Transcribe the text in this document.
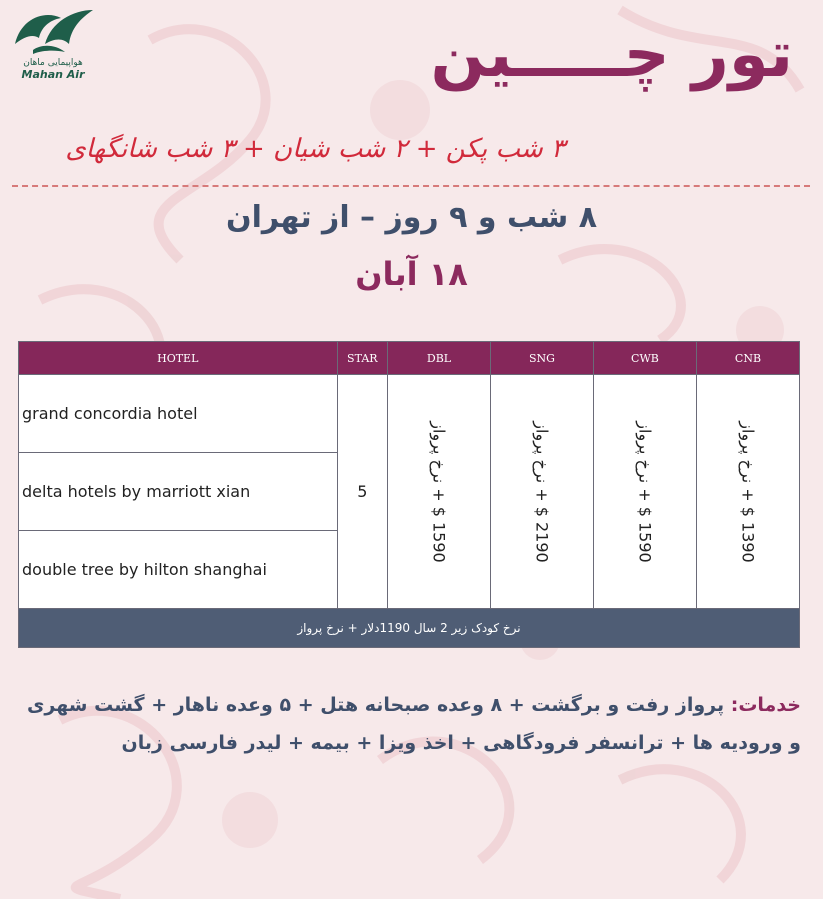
هواپیمایی ماهان
Mahan Air	تور چـــــین
۳ شب پکن + ۲ شب شیان + ۳ شب شانگهای
۸ شب و ۹ روز – از تهران
۱۸ آبان
HOTEL	STAR	DBL	SNG	CWB	CNB
grand concordia hotel	5	1590 $ + نرخ پرواز	2190 $ + نرخ پرواز	1590 $ + نرخ پرواز	1390 $ + نرخ پرواز

delta hotels by marriott xian					
double tree by hilton shanghai					
نرخ کودک زیر 2 سال 1190دلار + نرخ پرواز					
خدمات: پرواز رفت و برگشت + ۸ وعده صبحانه هتل + ۵ وعده ناهار + گشت شهری و ورودیه ها + ترانسفر فرودگاهی + اخذ ویزا + بیمه + لیدر فارسی زبان
